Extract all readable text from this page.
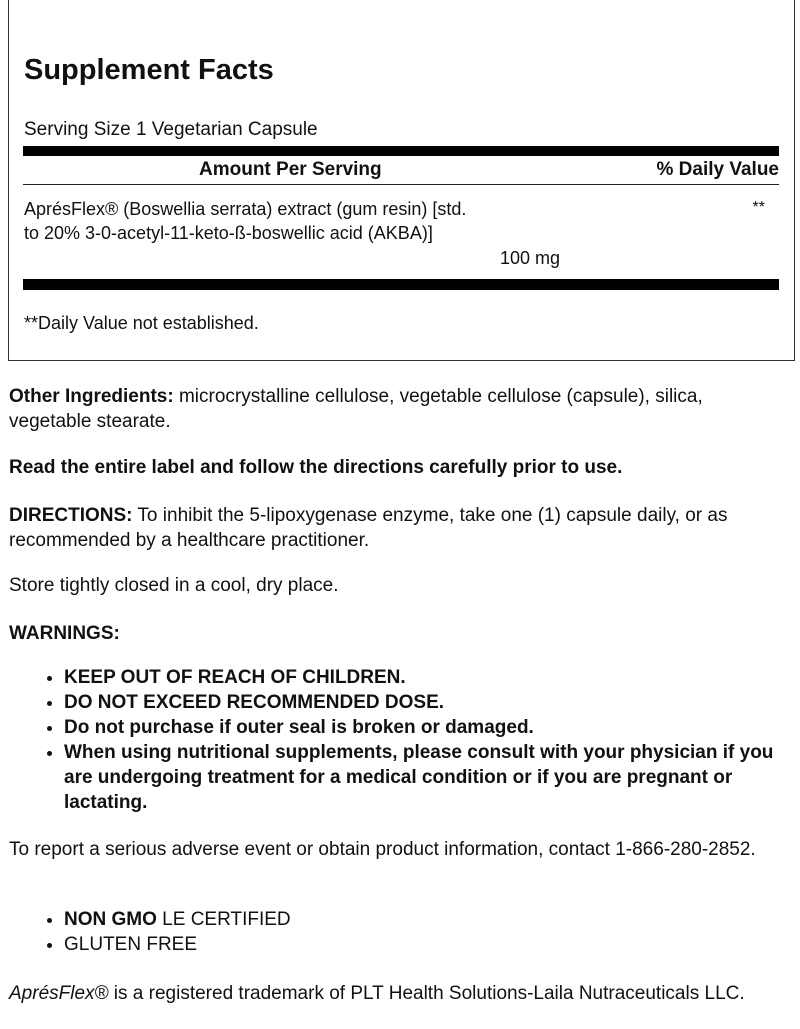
Supplement Facts
Serving Size 1 Vegetarian Capsule
Amount Per Serving	% Daily Value
AprésFlex® (Boswellia serrata) extract (gum resin) [std.
to 20% 3-0-acetyl-11-keto-ß-boswellic acid (AKBA)]
100 mg
**
**Daily Value not established.
Other Ingredients: microcrystalline cellulose, vegetable cellulose (capsule), silica, vegetable stearate.
Read the entire label and follow the directions carefully prior to use.
DIRECTIONS: To inhibit the 5-lipoxygenase enzyme, take one (1) capsule daily, or as recommended by a healthcare practitioner.
Store tightly closed in a cool, dry place.
WARNINGS:
• KEEP OUT OF REACH OF CHILDREN.
• DO NOT EXCEED RECOMMENDED DOSE.
• Do not purchase if outer seal is broken or damaged.
• When using nutritional supplements, please consult with your physician if you are undergoing treatment for a medical condition or if you are pregnant or lactating.
To report a serious adverse event or obtain product information, contact 1-866-280-2852.
• NON GMO LE CERTIFIED
• GLUTEN FREE
AprésFlex® is a registered trademark of PLT Health Solutions-Laila Nutraceuticals LLC.
